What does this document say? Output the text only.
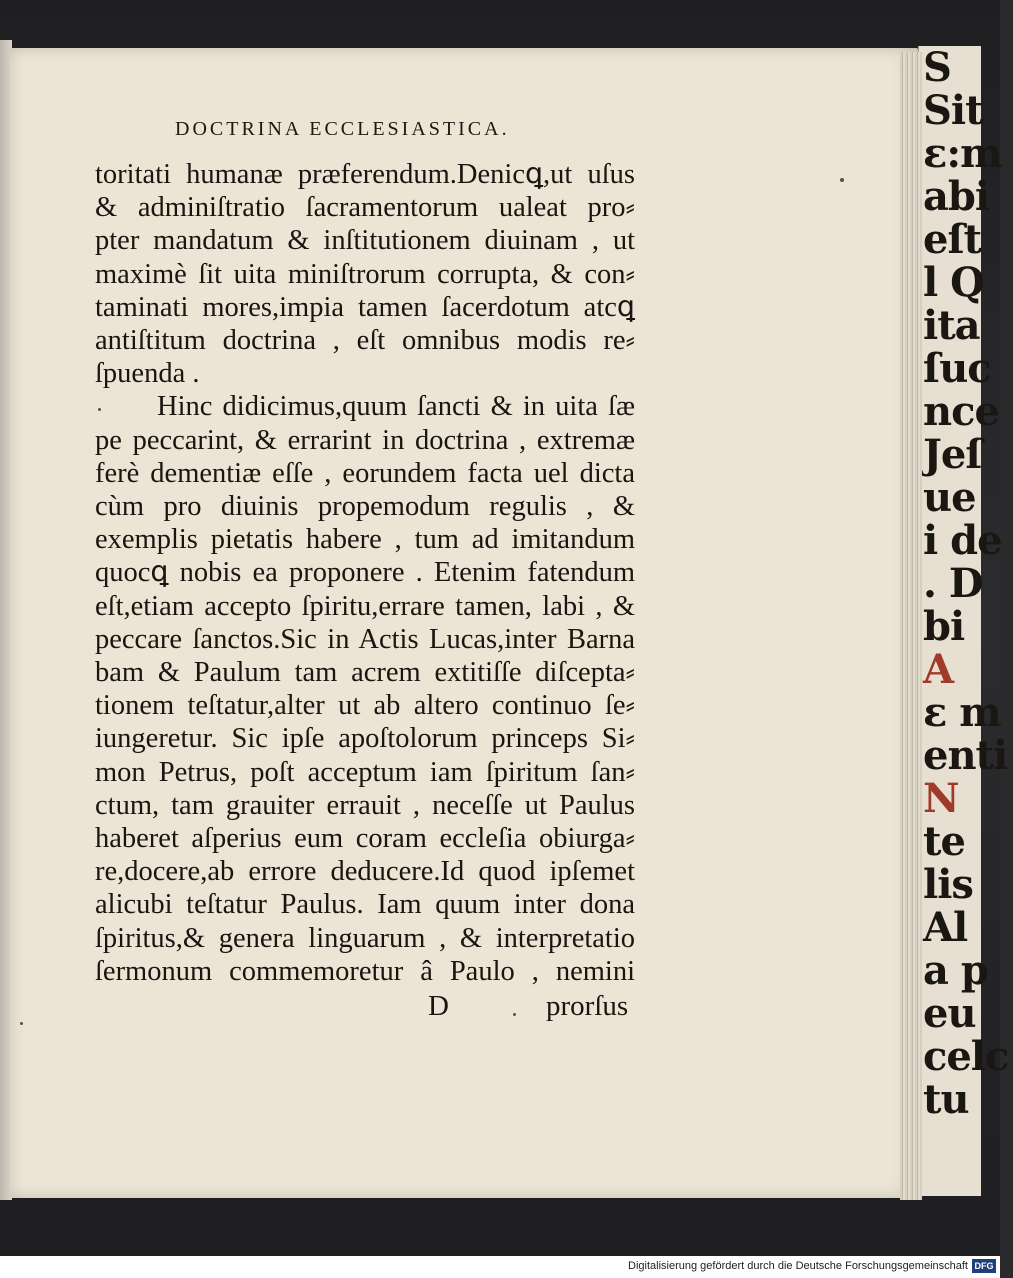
S
Sit
ε:m
abi
eſt
l Q
ita
ſuc
nce
Jeſ
ue
i de
. D
bi
A
ε m
enti
N
te
lis
Al
a p
eu
celc
tu
DOCTRINA ECCLESIASTICA.
toritati humanæ præferendum.Denicꝗ,ut uſus
& adminiſtratio ſacramentorum ualeat pro⸗
pter mandatum & inſtitutionem diuinam , ut
maximè ſit uita miniſtrorum corrupta, & con⸗
taminati mores,impia tamen ſacerdotum atcꝗ
antiſtitum doctrina , eſt omnibus modis re⸗
ſpuenda .
Hinc didicimus,quum ſancti & in uita ſæ
pe peccarint, & errarint in doctrina , extremæ
ferè dementiæ eſſe , eorundem facta uel dicta
cùm pro diuinis propemodum regulis , &
exemplis pietatis habere , tum ad imitandum
quocꝗ nobis ea proponere . Etenim fatendum
eſt,etiam accepto ſpiritu,errare tamen, labi , &
peccare ſanctos.Sic in Actis Lucas,inter Barna
bam & Paulum tam acrem extitiſſe diſcepta⸗
tionem teſtatur,alter ut ab altero continuo ſe⸗
iungeretur. Sic ipſe apoſtolorum princeps Si⸗
mon Petrus, poſt acceptum iam ſpiritum ſan⸗
ctum, tam grauiter errauit , neceſſe ut Paulus
haberet aſperius eum coram eccleſia obiurga⸗
re,docere,ab errore deducere.Id quod ipſemet
alicubi teſtatur Paulus. Iam quum inter dona
ſpiritus,& genera linguarum , & interpretatio
ſermonum commemoretur â Paulo , nemini
D	prorſus
Digitalisierung gefördert durch die Deutsche Forschungsgemeinschaft DFG
